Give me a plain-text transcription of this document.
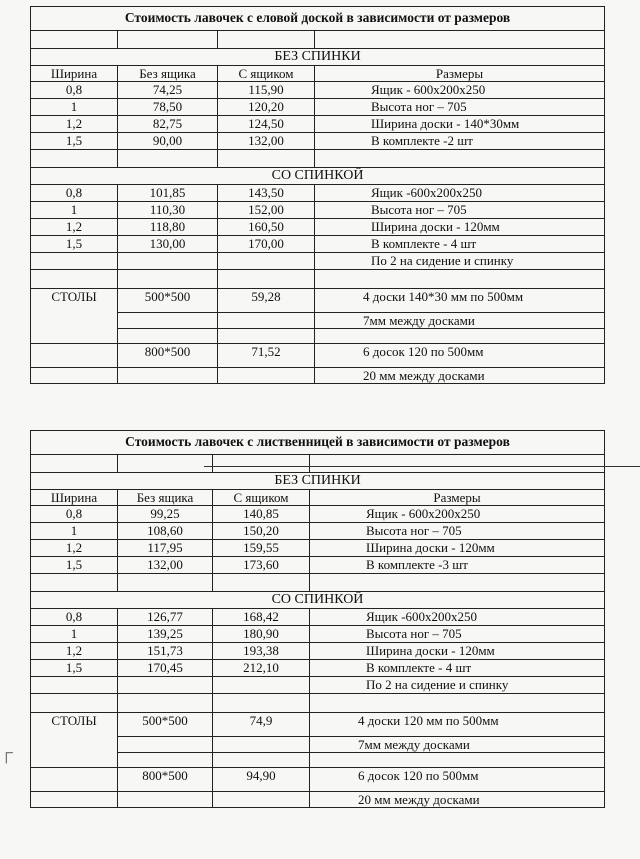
Стоимость лавочек с еловой доской в зависимости от размеров			

БЕЗ СПИНКИ			
Ширина	Без ящика	С ящиком	Размеры
0,8	74,25	115,90	Ящик - 600х200х250
1	78,50	120,20	Высота ног – 705
1,2	82,75	124,50	Ширина доски - 140*30мм
1,5	90,00	132,00	В комплекте -2 шт

СО СПИНКОЙ			
0,8	101,85	143,50	Ящик -600х200х250
1	110,30	152,00	Высота ног – 705
1,2	118,80	160,50	Ширина доски - 120мм
1,5	130,00	170,00	В комплекте - 4 шт
			По 2 на сидение и спинку

СТОЛЫ	500*500	59,28	4 доски 140*30 мм по 500мм
			7мм между досками

	800*500	71,52	6 досок 120 по 500мм
			20 мм между досками
Стоимость лавочек с лиственницей в зависимости от размеров			

БЕЗ СПИНКИ			
Ширина	Без ящика	С ящиком	Размеры
0,8	99,25	140,85	Ящик - 600х200х250
1	108,60	150,20	Высота ног – 705
1,2	117,95	159,55	Ширина доски - 120мм
1,5	132,00	173,60	В комплекте -3 шт

СО СПИНКОЙ			
0,8	126,77	168,42	Ящик -600х200х250
1	139,25	180,90	Высота ног – 705
1,2	151,73	193,38	Ширина доски - 120мм
1,5	170,45	212,10	В комплекте - 4 шт
			По 2 на сидение и спинку

СТОЛЫ	500*500	74,9	4 доски 120 мм по 500мм
			7мм между досками

	800*500	94,90	6 досок 120 по 500мм
			20 мм между досками
┌
